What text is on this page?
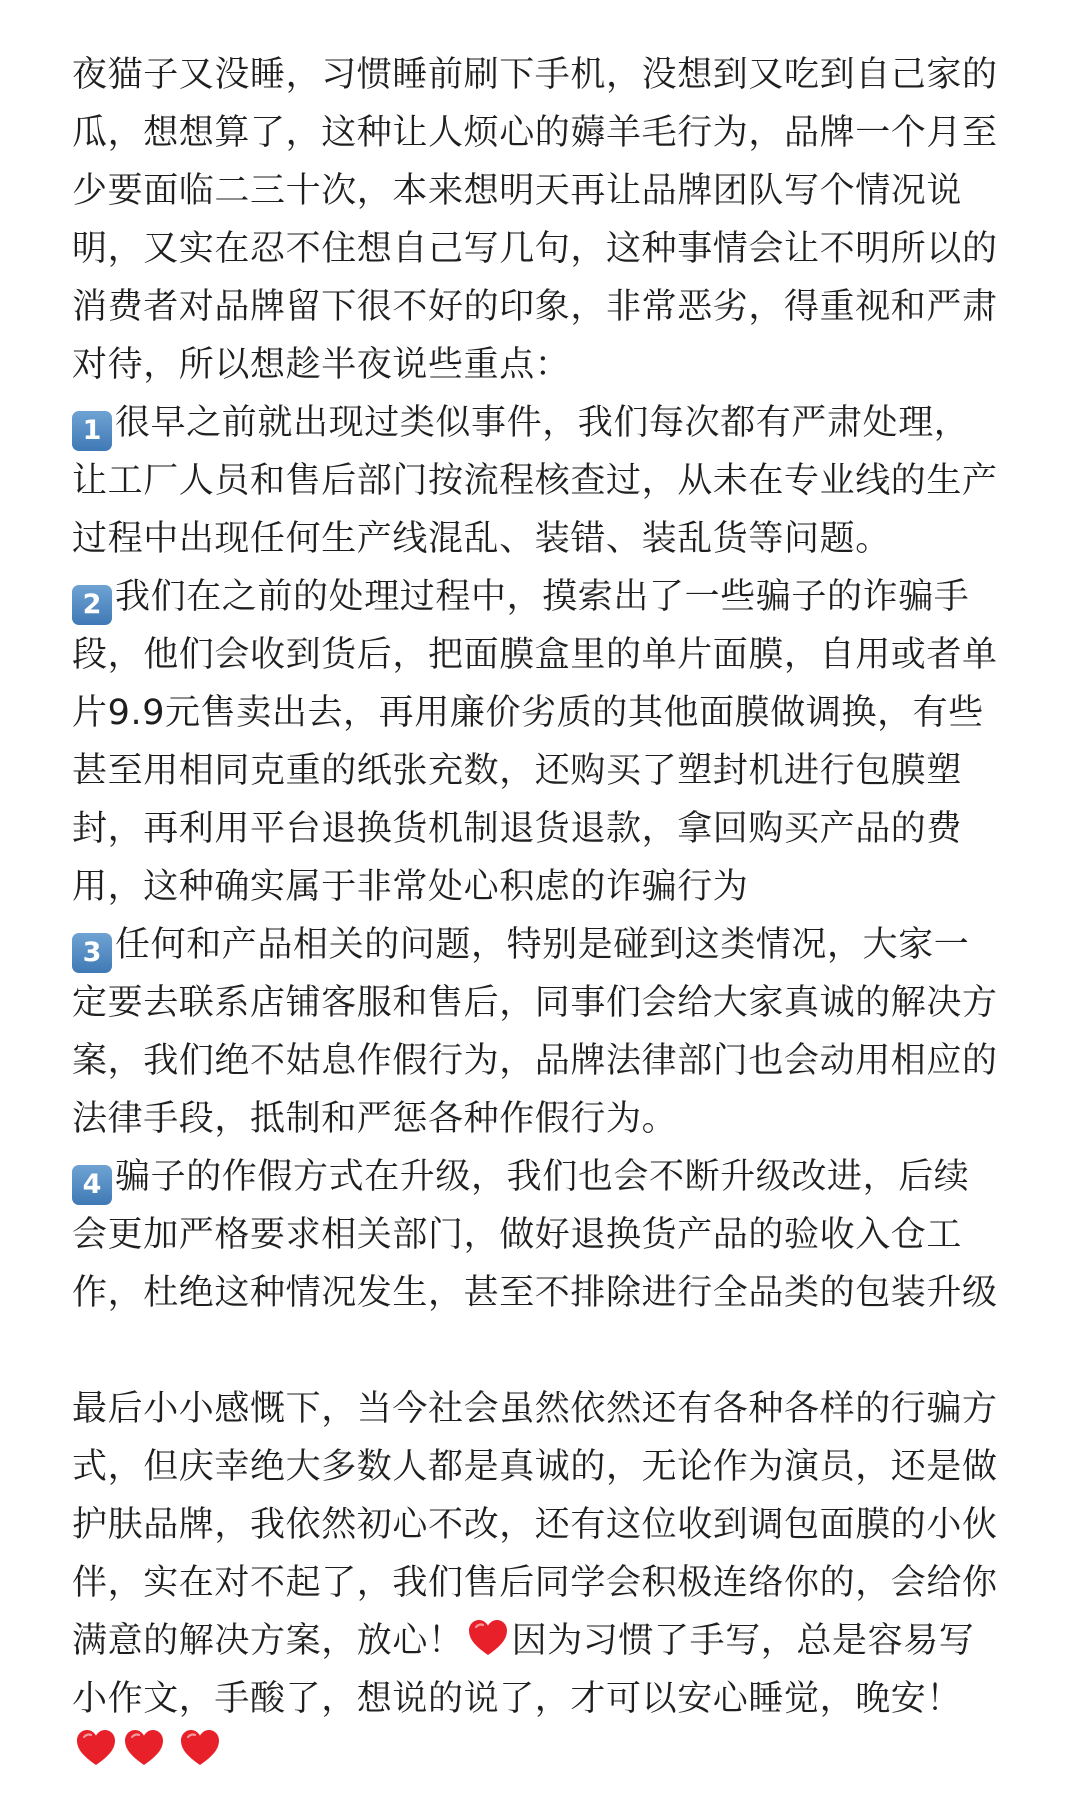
夜猫子又没睡，习惯睡前刷下手机，没想到又吃到自己家的
瓜，想想算了，这种让人烦心的薅羊毛行为，品牌一个月至
少要面临二三十次，本来想明天再让品牌团队写个情况说
明，又实在忍不住想自己写几句，这种事情会让不明所以的
消费者对品牌留下很不好的印象，非常恶劣，得重视和严肃
对待，所以想趁半夜说些重点：
1 很早之前就出现过类似事件，我们每次都有严肃处理，
让工厂人员和售后部门按流程核查过，从未在专业线的生产
过程中出现任何生产线混乱、装错、装乱货等问题。
2 我们在之前的处理过程中，摸索出了一些骗子的诈骗手
段，他们会收到货后，把面膜盒里的单片面膜，自用或者单
片9.9元售卖出去，再用廉价劣质的其他面膜做调换，有些
甚至用相同克重的纸张充数，还购买了塑封机进行包膜塑
封，再利用平台退换货机制退货退款，拿回购买产品的费
用，这种确实属于非常处心积虑的诈骗行为
3 任何和产品相关的问题，特别是碰到这类情况，大家一
定要去联系店铺客服和售后，同事们会给大家真诚的解决方
案，我们绝不姑息作假行为，品牌法律部门也会动用相应的
法律手段，抵制和严惩各种作假行为。
4 骗子的作假方式在升级，我们也会不断升级改进，后续
会更加严格要求相关部门，做好退换货产品的验收入仓工
作，杜绝这种情况发生，甚至不排除进行全品类的包装升级
最后小小感慨下，当今社会虽然依然还有各种各样的行骗方
式，但庆幸绝大多数人都是真诚的，无论作为演员，还是做
护肤品牌，我依然初心不改，还有这位收到调包面膜的小伙
伴，实在对不起了，我们售后同学会积极连络你的，会给你
满意的解决方案，放心！ 因为习惯了手写，总是容易写
小作文，手酸了，想说的说了，才可以安心睡觉，晚安！
